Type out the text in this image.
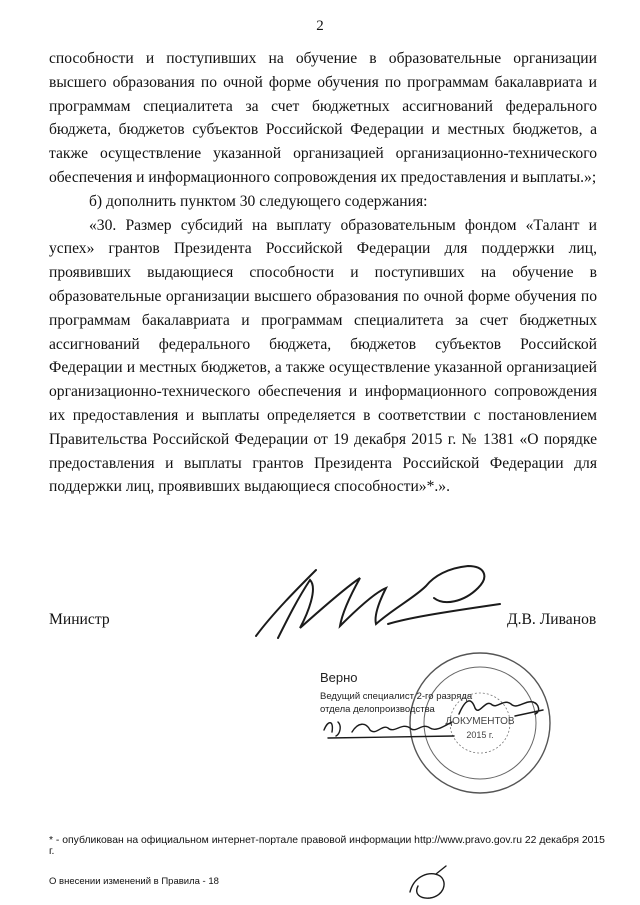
2

способности и поступивших на обучение в образовательные организации высшего образования по очной форме обучения по программам бакалавриата и программам специалитета за счет бюджетных ассигнований федерального бюджета, бюджетов субъектов Российской Федерации и местных бюджетов, а также осуществление указанной организацией организационно-технического обеспечения и информационного сопровождения их предоставления и выплаты.»;

б) дополнить пунктом 30 следующего содержания:

«30. Размер субсидий на выплату образовательным фондом «Талант и успех» грантов Президента Российской Федерации для поддержки лиц, проявивших выдающиеся способности и поступивших на обучение в образовательные организации высшего образования по очной форме обучения по программам бакалавриата и программам специалитета за счет бюджетных ассигнований федерального бюджета, бюджетов субъектов Российской Федерации и местных бюджетов, а также осуществление указанной организацией организационно-технического обеспечения и информационного сопровождения их предоставления и выплаты определяется в соответствии с постановлением Правительства Российской Федерации от 19 декабря 2015 г. № 1381 «О порядке предоставления и выплаты грантов Президента Российской Федерации для поддержки лиц, проявивших выдающиеся способности»*.».

Министр	Д.В. Ливанов
ДОКУМЕНТОВ
2015 г.
Верно
Ведущий специалист 2-го разряда
отдела делопроизводства
* - опубликован на официальном интернет-портале правовой информации http://www.pravo.gov.ru 22 декабря 2015 г.
О внесении изменений в Правила - 18
